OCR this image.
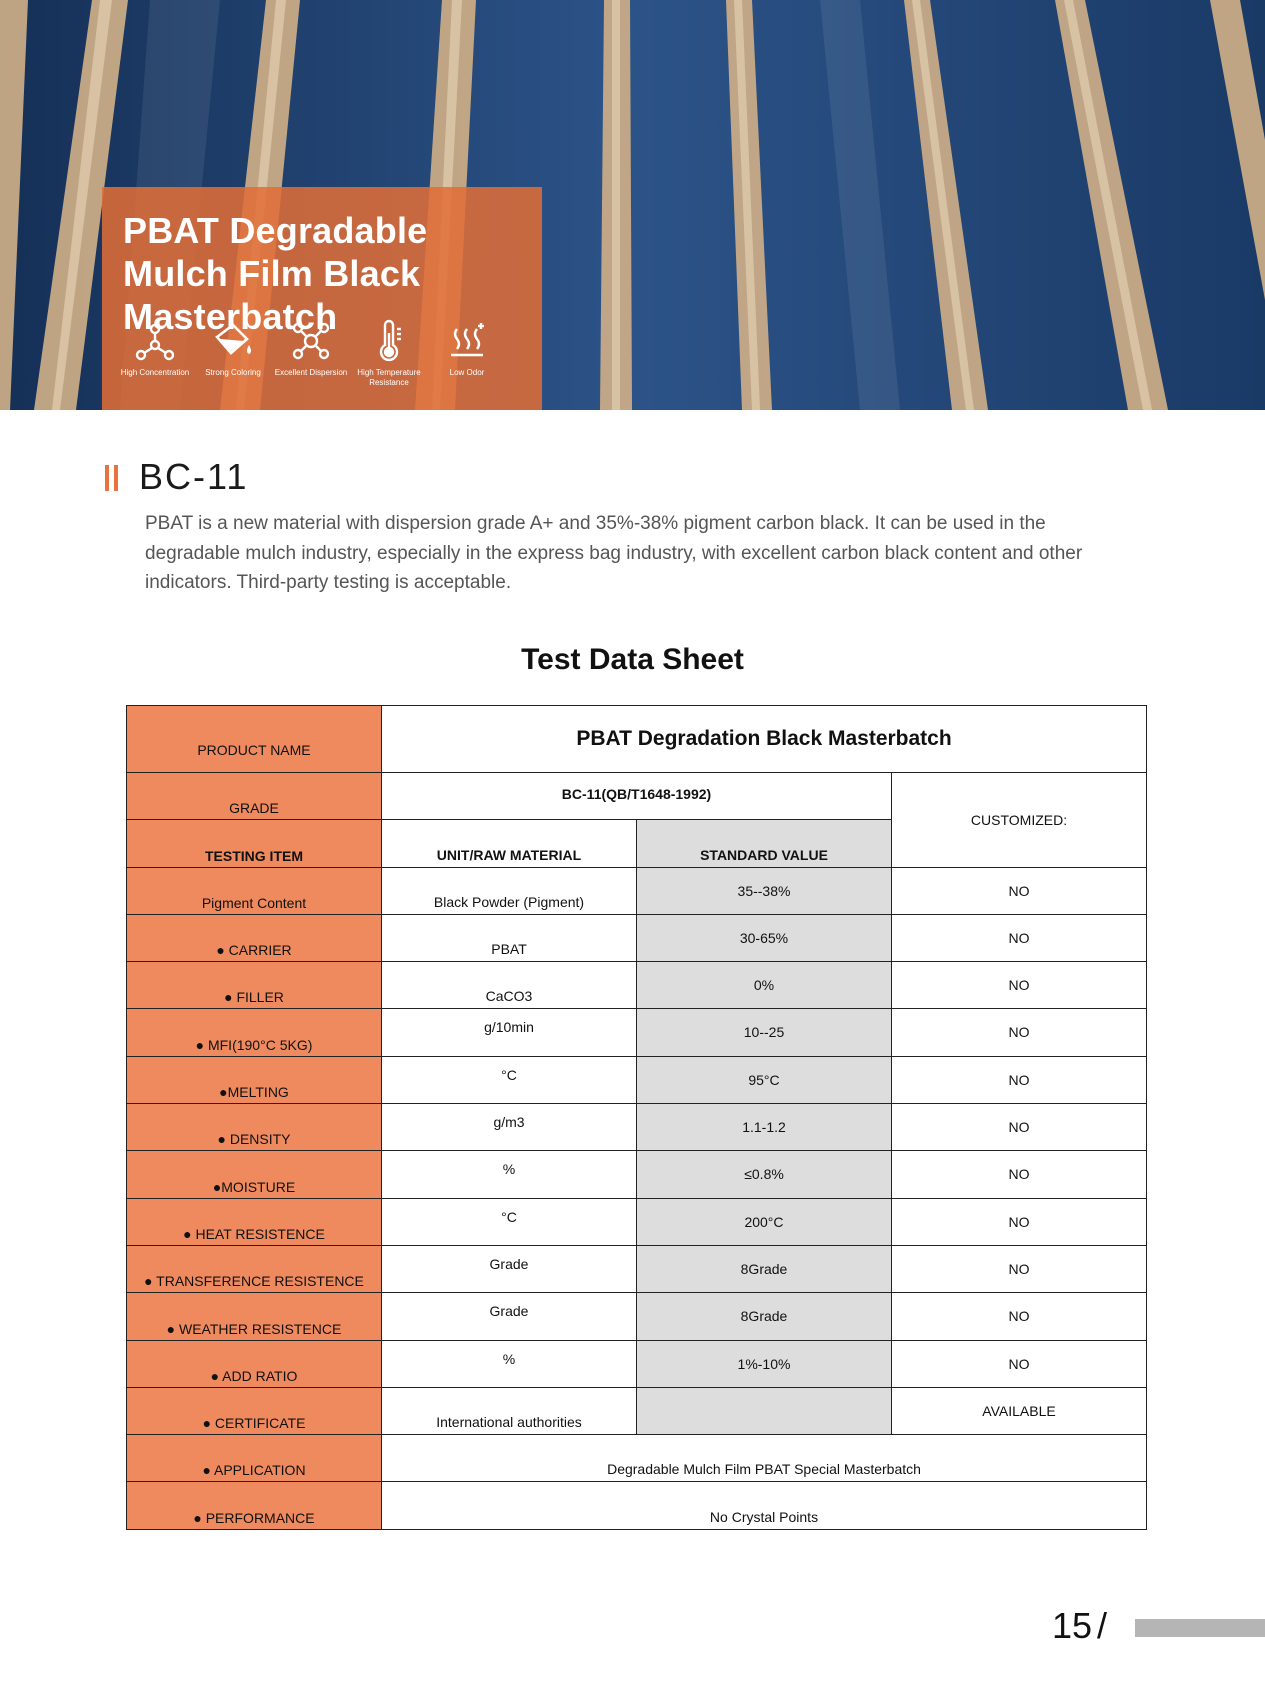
PBAT Degradable Mulch Film Black Masterbatch
High Concentration	Strong Coloring	Excellent Dispersion	High Temperature Resistance
Low Odor
BC-11

PBAT is a new material with dispersion grade A+ and 35%-38% pigment carbon black. It can be used in the degradable mulch industry, especially in the express bag industry, with excellent carbon black content and other indicators. Third-party testing is acceptable.

Test Data Sheet
PRODUCT NAME	PBAT Degradation Black Masterbatch		
GRADE	BC-11(QB/T1648-1992)		CUSTOMIZED:
TESTING ITEM	UNIT/RAW MATERIAL	STANDARD VALUE	
Pigment Content	Black Powder (Pigment)	35--38%	NO
● CARRIER	PBAT	30-65%	NO
● FILLER	CaCO3	0%	NO
● MFI(190°C 5KG)	g/10min	10--25	NO
●MELTING	°C	95°C	NO
● DENSITY	g/m3	1.1-1.2	NO
●MOISTURE	%	≤0.8%	NO
● HEAT RESISTENCE	°C	200°C	NO
● TRANSFERENCE RESISTENCE	Grade	8Grade	NO
● WEATHER RESISTENCE	Grade	8Grade	NO
● ADD RATIO	%	1%-10%	NO
● CERTIFICATE	International authorities		AVAILABLE
● APPLICATION	Degradable Mulch Film PBAT Special Masterbatch		
● PERFORMANCE	No Crystal Points		

15 /
